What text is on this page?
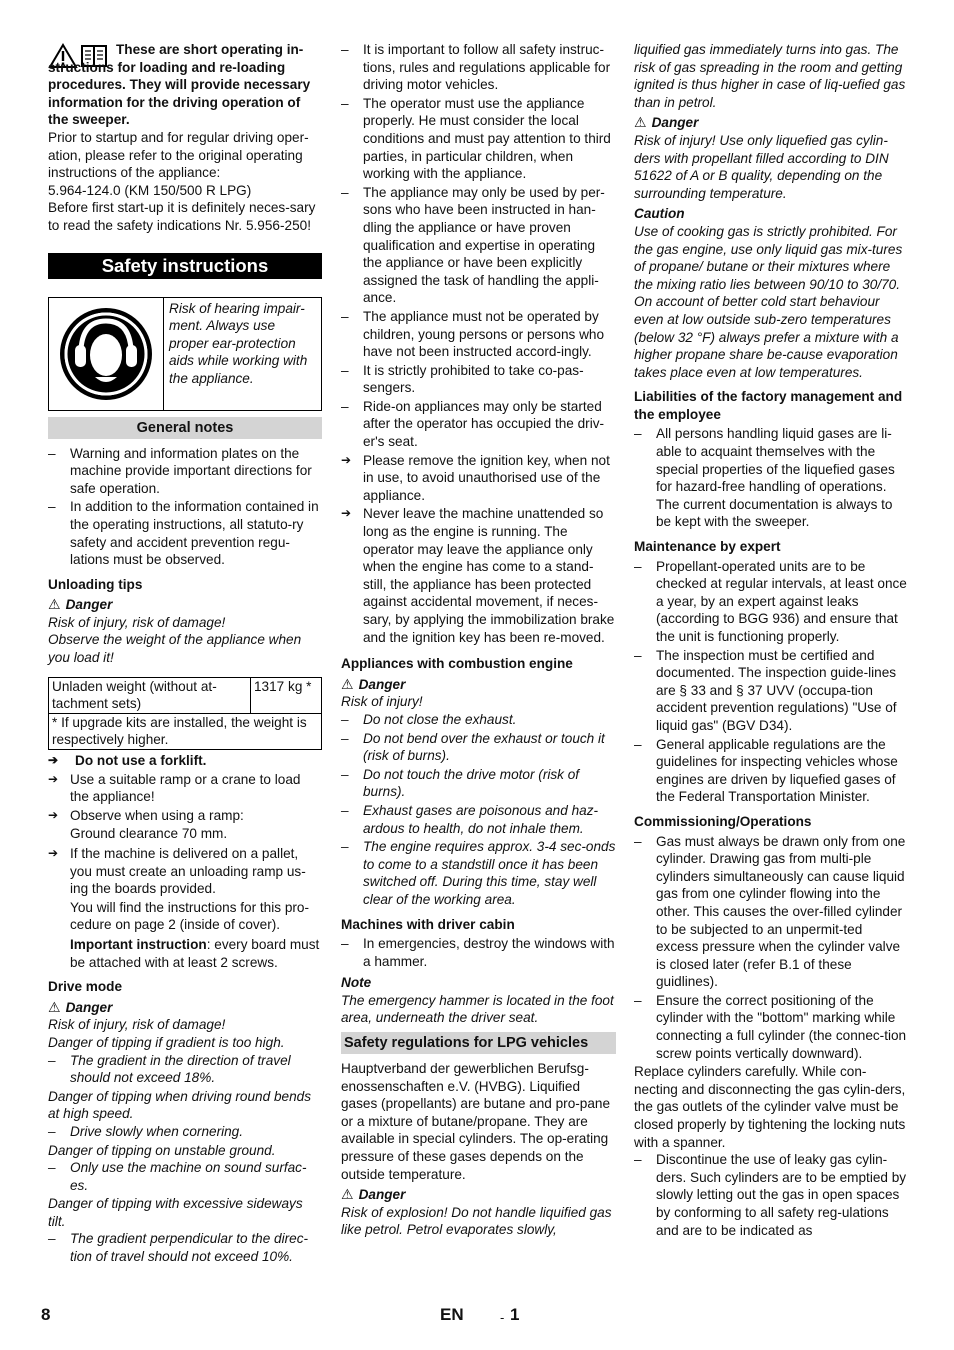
These are short operating in-structions for loading and re-loading procedures. They will provide necessary information for the driving operation of the sweeper.

Prior to startup and for regular driving oper-ation, please refer to the original operating instructions of the appliance:

5.964-124.0 (KM 150/500 R LPG)

Before first start-up it is definitely neces-sary to read the safety indications Nr. 5.956-250!

Safety instructions
Risk of hearing impair-ment. Always use proper ear-protection aids while working with the appliance.
General notes
– Warning and information plates on the machine provide important directions for safe operation.
– In addition to the information contained in the operating instructions, all statuto-ry safety and accident prevention regu-lations must be observed.

Unloading tips

⚠ Danger

Risk of injury, risk of damage!

Observe the weight of the appliance when you load it!

Unladen weight (without at-tachment sets)	1317 kg *
* If upgrade kits are installed, the weight is respectively higher.
➔ Do not use a forklift.
➔ Use a suitable ramp or a crane to load the appliance!
➔ Observe when using a ramp:

Ground clearance 70 mm.

➔ If the machine is delivered on a pallet, you must create an unloading ramp us-ing the boards provided.

You will find the instructions for this pro-cedure on page 2 (inside of cover).

Important instruction: every board must be attached with at least 2 screws.

Drive mode

⚠ Danger

Risk of injury, risk of damage!

Danger of tipping if gradient is too high.

– The gradient in the direction of travel should not exceed 18%.

Danger of tipping when driving round bends at high speed.

– Drive slowly when cornering.

Danger of tipping on unstable ground.

– Only use the machine on sound surfac-es.

Danger of tipping with excessive sideways tilt.

– The gradient perpendicular to the direc-tion of travel should not exceed 10%.
– It is important to follow all safety instruc-tions, rules and regulations applicable for driving motor vehicles.
– The operator must use the appliance properly. He must consider the local conditions and must pay attention to third parties, in particular children, when working with the appliance.
– The appliance may only be used by per-sons who have been instructed in han-dling the appliance or have proven qualification and expertise in operating the appliance or have been explicitly assigned the task of handling the appli-ance.
– The appliance must not be operated by children, young persons or persons who have not been instructed accord-ingly.
– It is strictly prohibited to take co-pas-sengers.
– Ride-on appliances may only be started after the operator has occupied the driv-er's seat.
➔ Please remove the ignition key, when not in use, to avoid unauthorised use of the appliance.
➔ Never leave the machine unattended so long as the engine is running. The operator may leave the appliance only when the engine has come to a stand-still, the appliance has been protected against accidental movement, if neces-sary, by applying the immobilization brake and the ignition key has been re-moved.

Appliances with combustion engine

⚠ Danger

Risk of injury!

– Do not close the exhaust.
– Do not bend over the exhaust or touch it (risk of burns).
– Do not touch the drive motor (risk of burns).
– Exhaust gases are poisonous and haz-ardous to health, do not inhale them.
– The engine requires approx. 3-4 sec-onds to come to a standstill once it has been switched off. During this time, stay well clear of the working area.

Machines with driver cabin

– In emergencies, destroy the windows with a hammer.

Note

The emergency hammer is located in the foot area, underneath the driver seat.

Safety regulations for LPG vehicles

Hauptverband der gewerblichen Berufsg-enossenschaften e.V. (HVBG). Liquified gases (propellants) are butane and pro-pane or a mixture of butane/propane. They are available in special cylinders. The op-erating pressure of these gases depends on the outside temperature.

⚠ Danger

Risk of explosion! Do not handle liquified gas like petrol. Petrol evaporates slowly,

liquified gas immediately turns into gas. The risk of gas spreading in the room and getting ignited is thus higher in case of liq-uefied gas than in petrol.

⚠ Danger

Risk of injury! Use only liquefied gas cylin-ders with propellant filled according to DIN 51622 of A or B quality, depending on the surrounding temperature.

Caution

Use of cooking gas is strictly prohibited. For the gas engine, use only liquid gas mix-tures of propane/ butane or their mixtures where the mixing ratio lies between 90/10 to 30/70. On account of better cold start behaviour even at low outside sub-zero temperatures (below 32 °F) always prefer a mixture with a higher propane share be-cause evaporation takes place even at low temperatures.

Liabilities of the factory management and the employee

– All persons handling liquid gases are li-able to acquaint themselves with the special properties of the liquefied gases for hazard-free handling of operations. The current documentation is always to be kept with the sweeper.

Maintenance by expert

– Propellant-operated units are to be checked at regular intervals, at least once a year, by an expert against leaks (according to BGG 936) and ensure that the unit is functioning properly.
– The inspection must be certified and documented. The inspection guide-lines are § 33 and § 37 UVV (occupa-tion accident prevention regulations) "Use of liquid gas" (BGV D34).
– General applicable regulations are the guidelines for inspecting vehicles whose engines are driven by liquefied gases of the Federal Transportation Minister.

Commissioning/Operations

– Gas must always be drawn only from one cylinder. Drawing gas from multi-ple cylinders simultaneously can cause liquid gas from one cylinder flowing into the other. This causes the over-filled cylinder to be subjected to an unpermit-ted excess pressure when the cylinder valve is closed later (refer B.1 of these guidlines).
– Ensure the correct positioning of the cylinder with the "bottom" marking while connecting a full cylinder (the connec-tion screw points vertically downward).

Replace cylinders carefully. While con-necting and disconnecting the gas cylin-ders, the gas outlets of the cylinder valve must be closed properly by tightening the locking nuts with a spanner.

– Discontinue the use of leaky gas cylin-ders. Such cylinders are to be emptied by slowly letting out the gas in open spaces by conforming to all safety reg-ulations and are to be indicated as
8	EN	- 1
